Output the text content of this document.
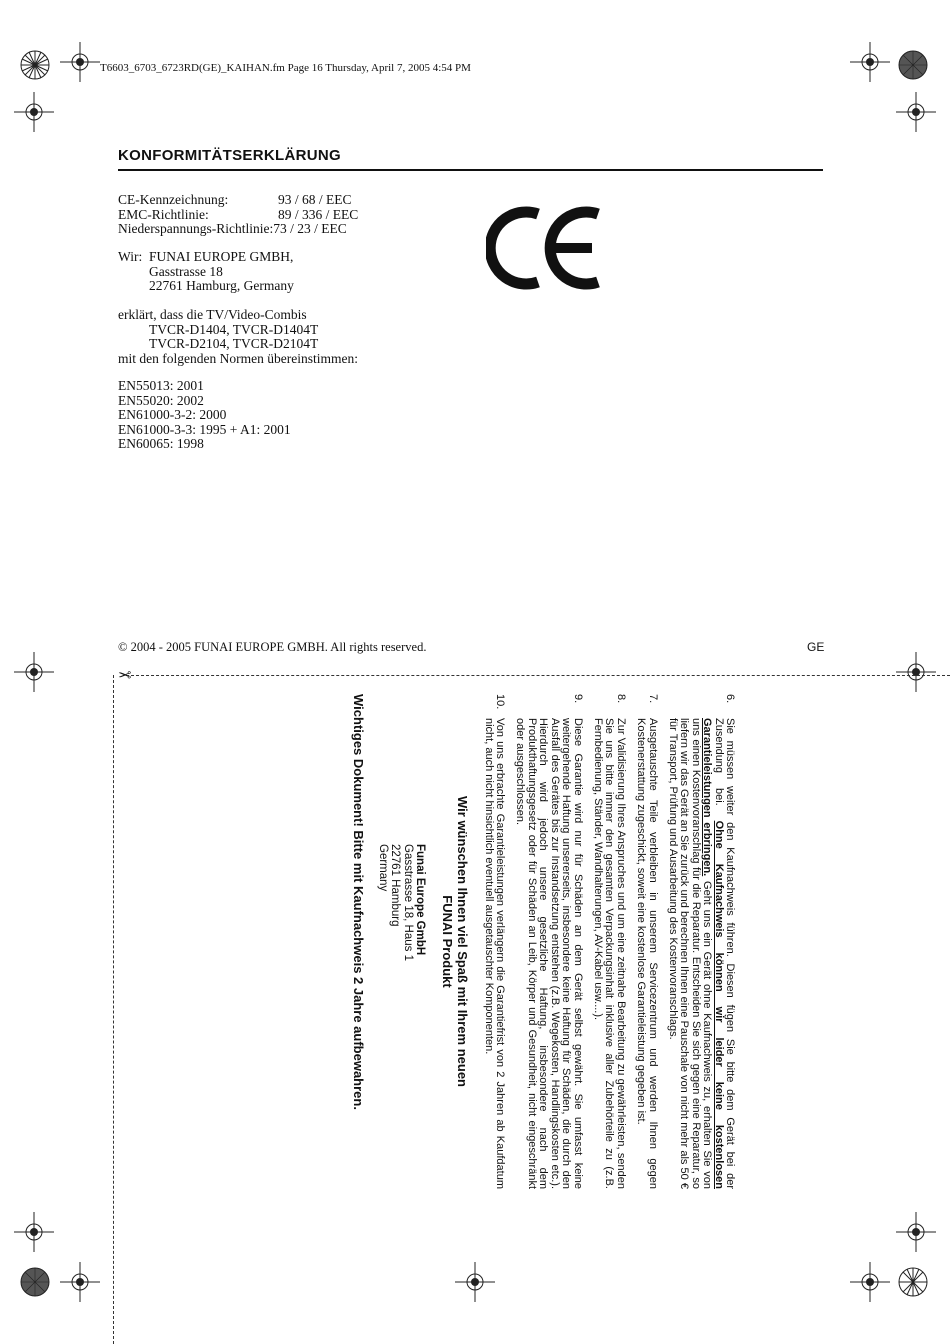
T6603_6703_6723RD(GE)_KAIHAN.fm Page 16 Thursday, April 7, 2005 4:54 PM
KONFORMITÄTSERKLÄRUNG
CE-Kennzeichnung:	93 / 68 / EEC
EMC-Richtlinie:	89 / 336 / EEC
Niederspannungs-Richtlinie:73 / 23 / EEC
Wir: FUNAI EUROPE GMBH,
Gasstrasse 18
22761 Hamburg, Germany
erklärt, dass die TV/Video-Combis
TVCR-D1404, TVCR-D1404T
TVCR-D2104, TVCR-D2104T
mit den folgenden Normen übereinstimmen:
EN55013: 2001
EN55020: 2002
EN61000-3-2: 2000
EN61000-3-3: 1995 + A1: 2001
EN60065: 1998
© 2004 - 2005 FUNAI EUROPE GMBH. All rights reserved.	GE
✂
6.
Sie müssen weiter den Kaufnachweis führen. Diesen fügen Sie bitte dem Gerät bei der Zusendung bei. Ohne Kaufnachweis können wir leider keine kostenlosen Garantieleistungen erbringen. Geht uns ein Gerät ohne Kaufnachweis zu, erhalten Sie von uns einen Kostenvoranschlag für die Reparatur. Entscheiden Sie sich gegen eine Reparatur, so liefern wir das Gerät an Sie zurück und berechnen Ihnen eine Pauschale von nicht mehr als 50 € für Transport, Prüfung und Ausarbeitung des Kostenvoranschlags.
7.
Ausgetauschte Teile verbleiben in unserem Servicezentrum und werden Ihnen gegen Kostenerstattung zugeschickt, soweit eine kostenlose Garantieleistung gegeben ist.
8.
Zur Validisierung Ihres Anspruches und um eine zeitnahe Bearbeitung zu gewährleisten, senden Sie uns bitte immer den gesamten Verpackungsinhalt inklusive aller Zubehörteile zu (z.B. Fernbedienung, Ständer, Wandhalterungen, AV-Kabel usw....).
9.
Diese Garantie wird nur für Schäden an dem Gerät selbst gewährt. Sie umfasst keine weitergehende Haftung unsererseits, insbesondere keine Haftung für Schäden, die durch den Ausfall des Gerätes bis zur Instandsetzung entstehen (z.B. Wegekosten, Handlingskosten etc.). Hierdurch wird jedoch unsere gesetzliche Haftung, insbesondere nach dem Produkthaftungsgesetz oder für Schäden an Leib, Körper und Gesundheit, nicht eingeschränkt oder ausgeschlossen.
10.
Von uns erbrachte Garantieleistungen verlängern die Garantiefrist von 2 Jahren ab Kaufdatum nicht, auch nicht hinsichtlich eventuell ausgetauschter Komponenten.
Wir wünschen Ihnen viel Spaß mit Ihrem neuen
FUNAI Produkt
Funai Europe GmbH
Gasstrasse 18, Haus 1
22761 Hamburg
Germany
Wichtiges Dokument! Bitte mit Kaufnachweis 2 Jahre aufbewahren.
